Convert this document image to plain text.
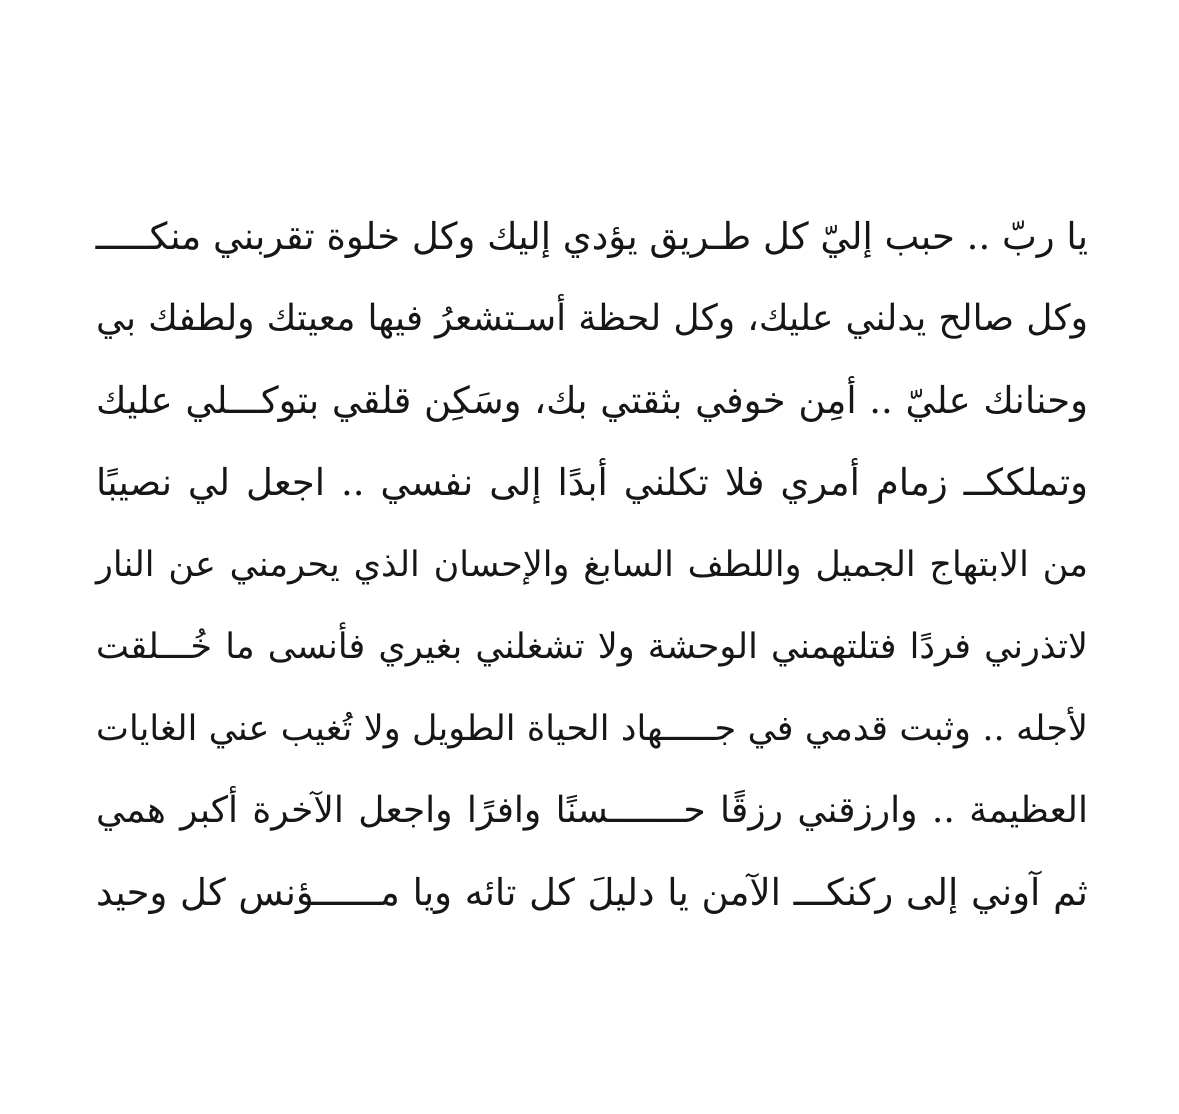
يا ربّ .. حبب إليّ كل طـريق يؤدي إليك وكل خلوة تقربني منكـــــ
وكل صالح يدلني عليك، وكل لحظة أسـتشعرُ فيها معيتك ولطفك بي
وحنانك عليّ .. أمِن خوفي بثقتي بك، وسَكِن قلقي بتوكـــلي عليك
وتملككــ زمام أمري فلا تكلني أبدًا إلى نفسي .. اجعل لي نصيبًا
من الابتهاج الجميل واللطف السابغ والإحسان الذي يحرمني عن النار
لاتذرني فردًا فتلتهمني الوحشة ولا تشغلني بغيري فأنسى ما خُـــلقت
لأجله .. وثبت قدمي في جـــــهاد الحياة الطويل ولا تُغيب عني الغايات
العظيمة .. وارزقني رزقًا حـــــــسنًا وافرًا واجعل الآخرة أكبر همي
ثم آوني إلى ركنكـــ الآمن يا دليلَ كل تائه ويا مــــــؤنس كل وحيد
